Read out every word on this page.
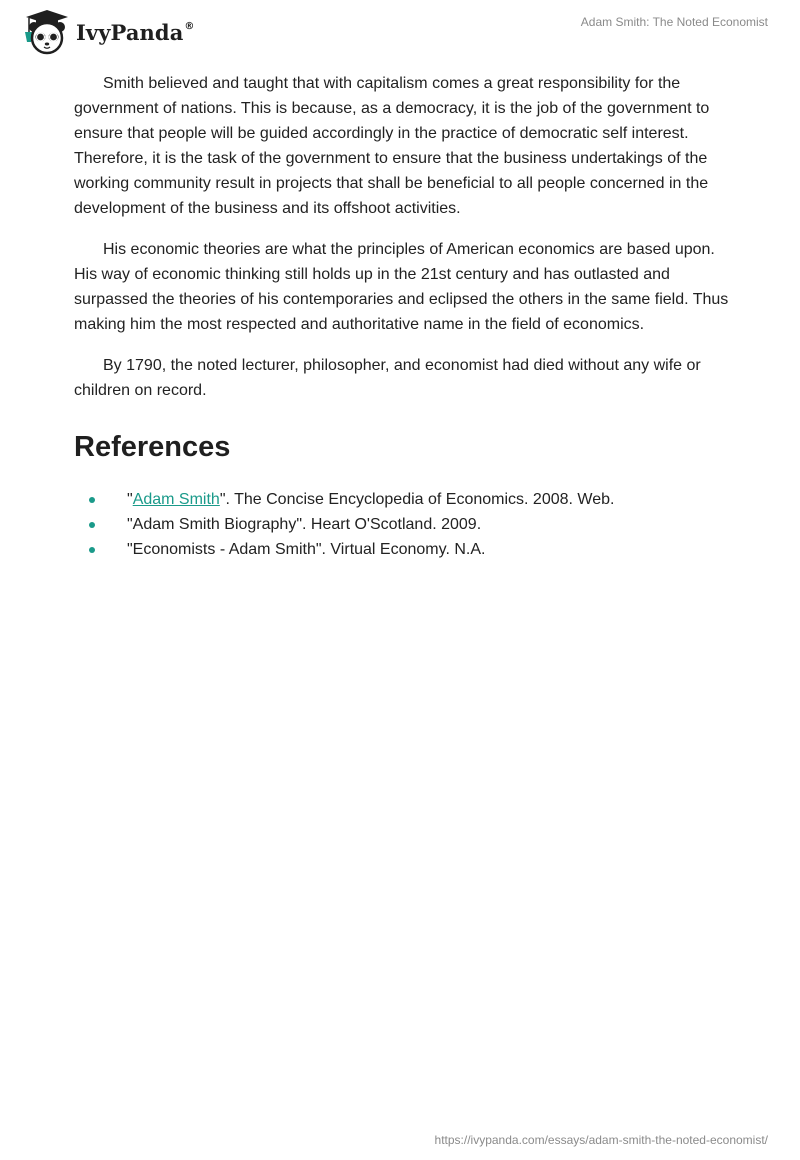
IvyPanda®	Adam Smith: The Noted Economist

Smith believed and taught that with capitalism comes a great responsibility for the government of nations. This is because, as a democracy, it is the job of the government to ensure that people will be guided accordingly in the practice of democratic self interest. Therefore, it is the task of the government to ensure that the business undertakings of the working community result in projects that shall be beneficial to all people concerned in the development of the business and its offshoot activities.

His economic theories are what the principles of American economics are based upon. His way of economic thinking still holds up in the 21st century and has outlasted and surpassed the theories of his contemporaries and eclipsed the others in the same field. Thus making him the most respected and authoritative name in the field of economics.

By 1790, the noted lecturer, philosopher, and economist had died without any wife or children on record.

References
"Adam Smith". The Concise Encyclopedia of Economics. 2008. Web.
"Adam Smith Biography". Heart O'Scotland. 2009.
"Economists - Adam Smith". Virtual Economy. N.A.
https://ivypanda.com/essays/adam-smith-the-noted-economist/
